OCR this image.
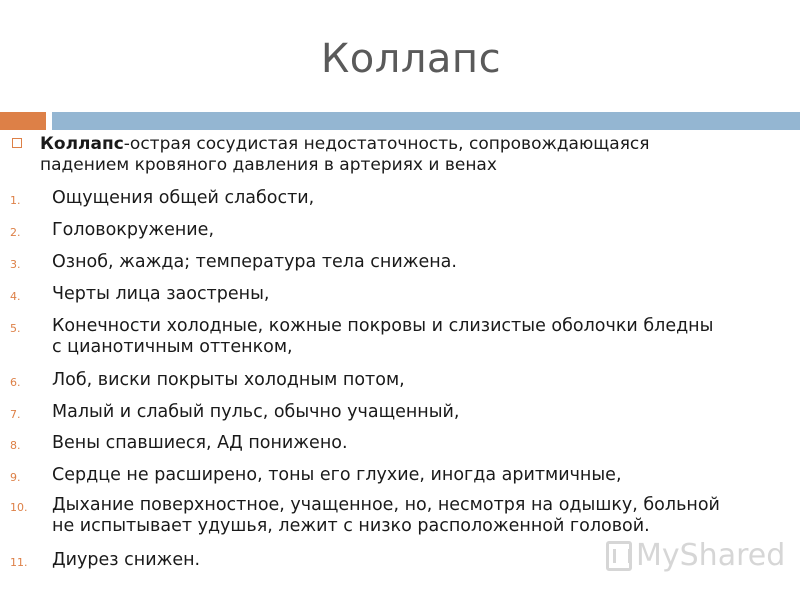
Коллапс
Коллапс-острая сосудистая недостаточность, сопровождающаяся
падением кровяного давления в артериях и венах
1. Ощущения общей слабости,
2. Головокружение,
3. Озноб, жажда; температура тела снижена.
4. Черты лица заострены,
5. Конечности холодные, кожные покровы и слизистые оболочки бледны
с цианотичным оттенком,
6. Лоб, виски покрыты холодным потом,
7. Малый и слабый пульс, обычно учащенный,
8. Вены спавшиеся, АД понижено.
9. Сердце не расширено, тоны его глухие, иногда аритмичные,
10. Дыхание поверхностное, учащенное, но, несмотря на одышку, больной
не испытывает удушья, лежит с низко расположенной головой.
11. Диурез снижен.	MyShared
